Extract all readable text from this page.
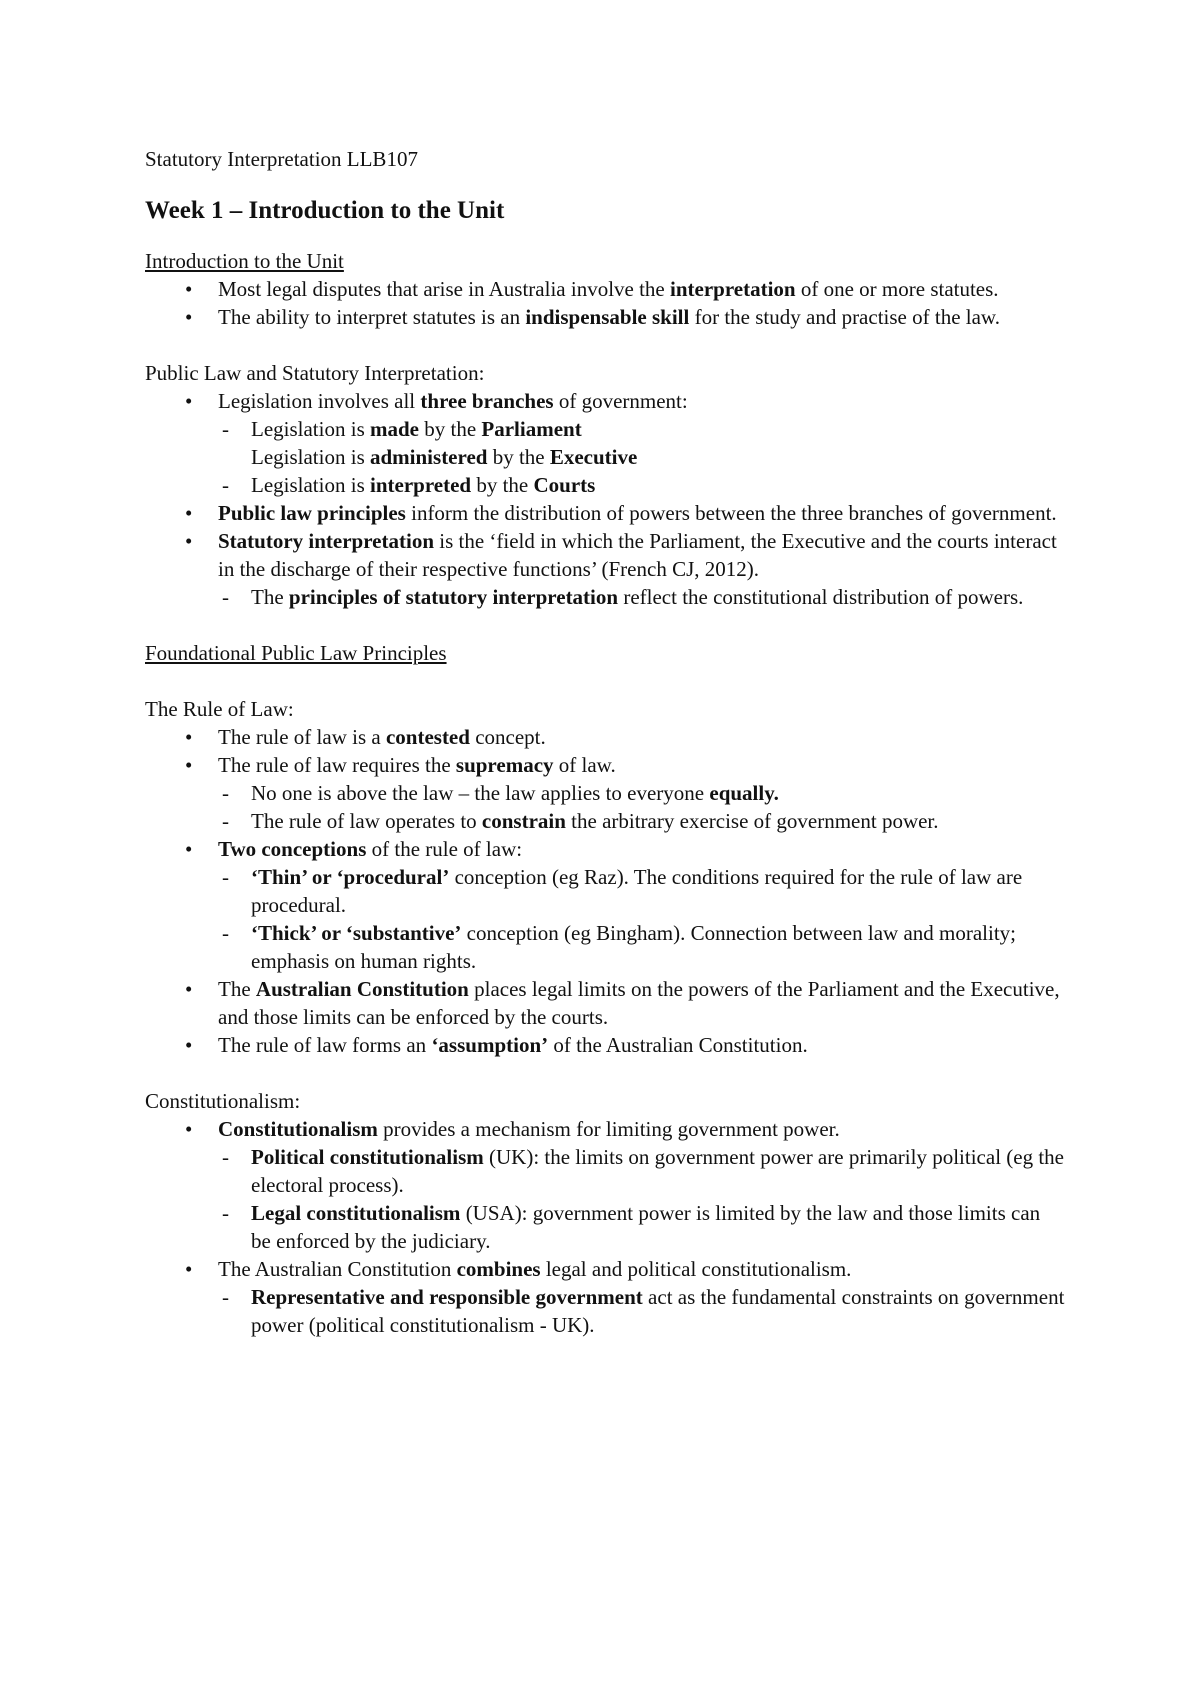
Statutory Interpretation LLB107
Week 1 – Introduction to the Unit
Introduction to the Unit
• Most legal disputes that arise in Australia involve the interpretation of one or more statutes.
• The ability to interpret statutes is an indispensable skill for the study and practise of the law.
Public Law and Statutory Interpretation:
• Legislation involves all three branches of government:
- Legislation is made by the Parliament
Legislation is administered by the Executive
- Legislation is interpreted by the Courts
• Public law principles inform the distribution of powers between the three branches of government.
• Statutory interpretation is the ‘field in which the Parliament, the Executive and the courts interact in the discharge of their respective functions’ (French CJ, 2012).
- The principles of statutory interpretation reflect the constitutional distribution of powers.
Foundational Public Law Principles
The Rule of Law:
• The rule of law is a contested concept.
• The rule of law requires the supremacy of law.
- No one is above the law – the law applies to everyone equally.
- The rule of law operates to constrain the arbitrary exercise of government power.
• Two conceptions of the rule of law:
- ‘Thin’ or ‘procedural’ conception (eg Raz). The conditions required for the rule of law are procedural.
- ‘Thick’ or ‘substantive’ conception (eg Bingham). Connection between law and morality; emphasis on human rights.
• The Australian Constitution places legal limits on the powers of the Parliament and the Executive, and those limits can be enforced by the courts.
• The rule of law forms an ‘assumption’ of the Australian Constitution.
Constitutionalism:
• Constitutionalism provides a mechanism for limiting government power.
- Political constitutionalism (UK): the limits on government power are primarily political (eg the electoral process).
- Legal constitutionalism (USA): government power is limited by the law and those limits can be enforced by the judiciary.
• The Australian Constitution combines legal and political constitutionalism.
- Representative and responsible government act as the fundamental constraints on government power (political constitutionalism - UK).
